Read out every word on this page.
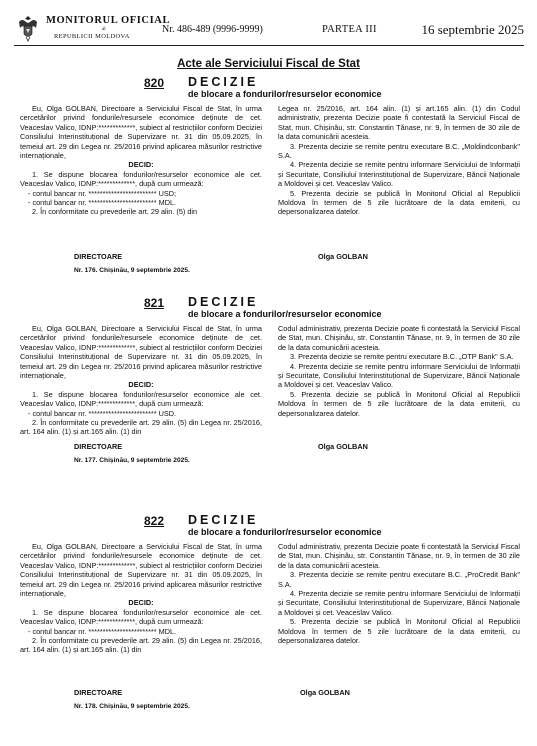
MONITORUL OFICIAL
al
REPUBLICII MOLDOVA
Nr. 486-489 (9996-9999)	PARTEA III	16 septembrie 2025
Acte ale Serviciului Fiscal de Stat
820 DECIZIE
de blocare a fondurilor/resurselor economice

Eu, Olga GOLBAN, Directoare a Serviciului Fiscal de Stat, în urma cercetărilor privind fondurile/resursele economice deținute de cet. Veaceslav Valico, IDNP:*************, subiect al restricțiilor conform Deciziei Consiliului Interinstituțional de Supervizare nr. 31 din 05.09.2025, în temeiul art. 29 din Legea nr. 25/2016 privind aplicarea măsurilor restrictive internaționale,

DECID:

1. Se dispune blocarea fondurilor/resurselor economice ale cet. Veaceslav Valico, IDNP:*************, după cum urmează:

- contul bancar nr. ************************ USD;

- contul bancar nr. ************************ MDL.

2. În conformitate cu prevederile art. 29 alin. (5) din

Legea nr. 25/2016, art. 164 alin. (1) și art.165 alin. (1) din Codul administrativ, prezenta Decizie poate fi contestată la Serviciul Fiscal de Stat, mun. Chișinău, str. Constantin Tănase, nr. 9, în termen de 30 zile de la data comunicării acesteia.

3. Prezenta decizie se remite pentru executare B.C. „Moldindconbank" S.A.

4. Prezenta decizie se remite pentru informare Serviciului de Informații și Securitate, Consiliului Interinstituțional de Supervizare, Băncii Naționale a Moldovei și cet. Veaceslav Valico.

5. Prezenta decizie se publică în Monitorul Oficial al Republicii Moldova în termen de 5 zile lucrătoare de la data emiterii, cu depersonalizarea datelor.

DIRECTOARE	Olga GOLBAN
Nr. 176. Chișinău, 9 septembrie 2025.
821 DECIZIE
de blocare a fondurilor/resurselor economice

Eu, Olga GOLBAN, Directoare a Serviciului Fiscal de Stat, în urma cercetărilor privind fondurile/resursele economice deținute de cet. Veaceslav Valico, IDNP:*************, subiect al restricțiilor conform Deciziei Consiliului Interinstituțional de Supervizare nr. 31 din 05.09.2025, în temeiul art. 29 din Legea nr. 25/2016 privind aplicarea măsurilor restrictive internaționale,

DECID:

1. Se dispune blocarea fondurilor/resurselor economice ale cet. Veaceslav Valico, IDNP:*************, după cum urmează:

- contul bancar nr. ************************ USD.

2. În conformitate cu prevederile art. 29 alin. (5) din Legea nr. 25/2016, art. 164 alin. (1) și art.165 alin. (1) din

Codul administrativ, prezenta Decizie poate fi contestată la Serviciul Fiscal de Stat, mun. Chișinău, str. Constantin Tănase, nr. 9, în termen de 30 zile de la data comunicării acesteia.

3. Prezenta decizie se remite pentru executare B.C. „OTP Bank" S.A.

4. Prezenta decizie se remite pentru informare Serviciului de Informații și Securitate, Consiliului Interinstituțional de Supervizare, Băncii Naționale a Moldovei și cet. Veaceslav Valico.

5. Prezenta decizie se publică în Monitorul Oficial al Republicii Moldova în termen de 5 zile lucrătoare de la data emiterii, cu depersonalizarea datelor.

DIRECTOARE	Olga GOLBAN
Nr. 177. Chișinău, 9 septembrie 2025.
822 DECIZIE
de blocare a fondurilor/resurselor economice

Eu, Olga GOLBAN, Directoare a Serviciului Fiscal de Stat, în urma cercetărilor privind fondurile/resursele economice deținute de cet. Veaceslav Valico, IDNP:*************, subiect al restricțiilor conform Deciziei Consiliului Interinstituțional de Supervizare nr. 31 din 05.09.2025, în temeiul art. 29 din Legea nr. 25/2016 privind aplicarea măsurilor restrictive internaționale,

DECID:

1. Se dispune blocarea fondurilor/resurselor economice ale cet. Veaceslav Valico, IDNP:*************, după cum urmează:

- contul bancar nr. ************************ MDL.

2. În conformitate cu prevederile art. 29 alin. (5) din Legea nr. 25/2016, art. 164 alin. (1) și art.165 alin. (1) din

Codul administrativ, prezenta Decizie poate fi contestată la Serviciul Fiscal de Stat, mun. Chișinău, str. Constantin Tănase, nr. 9, în termen de 30 zile de la data comunicării acesteia.

3. Prezenta decizie se remite pentru executare B.C. „ProCredit Bank" S.A.

4. Prezenta decizie se remite pentru informare Serviciului de Informații și Securitate, Consiliului Interinstituțional de Supervizare, Băncii Naționale a Moldovei și cet. Veaceslav Valico.

5. Prezenta decizie se publică în Monitorul Oficial al Republicii Moldova în termen de 5 zile lucrătoare de la data emiterii, cu depersonalizarea datelor.

DIRECTOARE	Olga GOLBAN
Nr. 178. Chișinău, 9 septembrie 2025.
